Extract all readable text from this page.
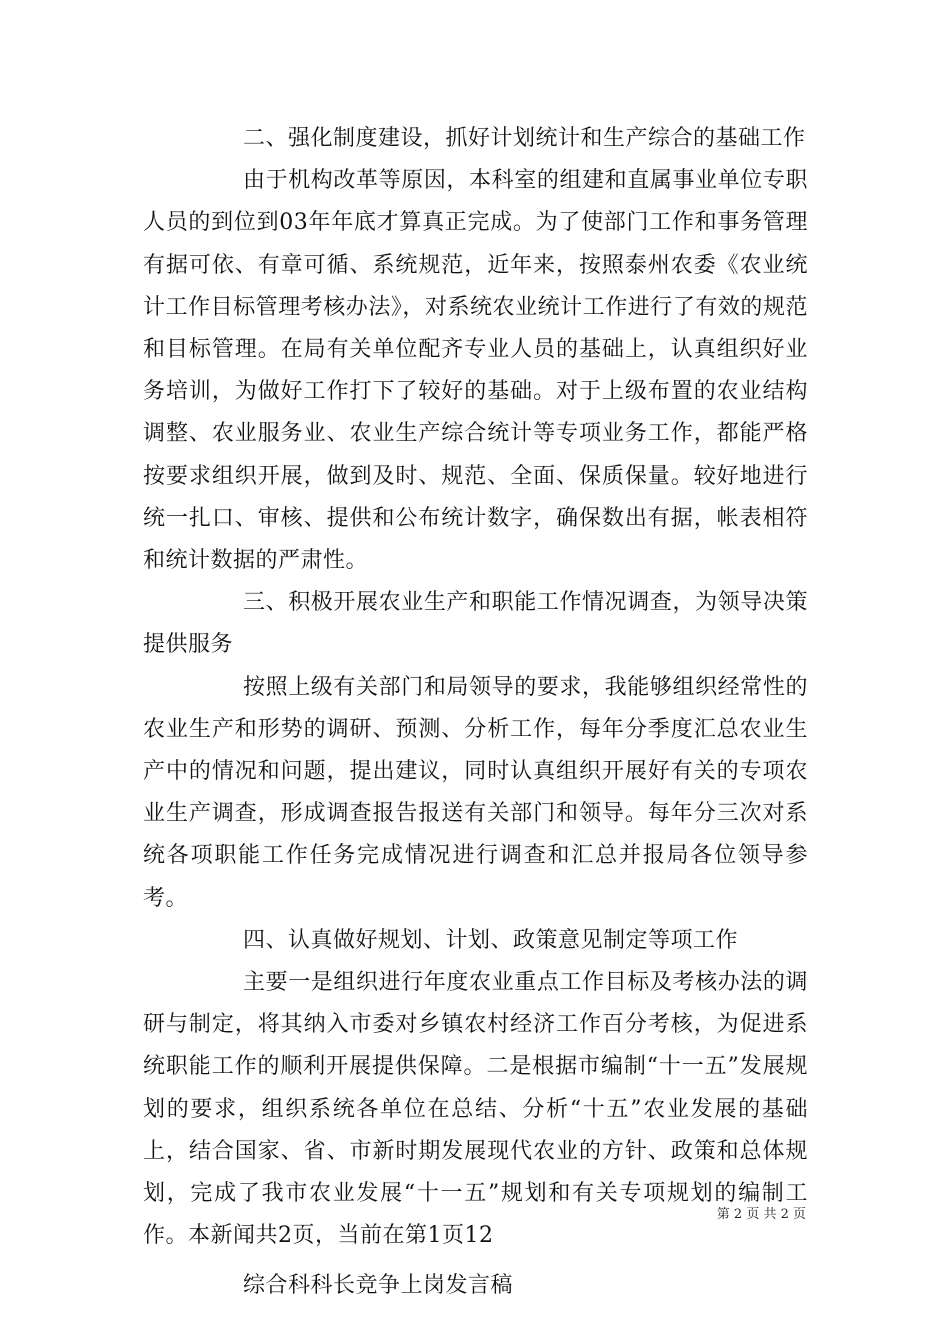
二、强化制度建设，抓好计划统计和生产综合的基础工作

由于机构改革等原因，本科室的组建和直属事业单位专职人员的到位到03年年底才算真正完成。为了使部门工作和事务管理有据可依、有章可循、系统规范，近年来，按照泰州农委《农业统计工作目标管理考核办法》，对系统农业统计工作进行了有效的规范和目标管理。在局有关单位配齐专业人员的基础上，认真组织好业务培训，为做好工作打下了较好的基础。对于上级布置的农业结构调整、农业服务业、农业生产综合统计等专项业务工作，都能严格按要求组织开展，做到及时、规范、全面、保质保量。较好地进行统一扎口、审核、提供和公布统计数字，确保数出有据，帐表相符和统计数据的严肃性。

三、积极开展农业生产和职能工作情况调查，为领导决策提供服务

按照上级有关部门和局领导的要求，我能够组织经常性的农业生产和形势的调研、预测、分析工作，每年分季度汇总农业生产中的情况和问题，提出建议，同时认真组织开展好有关的专项农业生产调查，形成调查报告报送有关部门和领导。每年分三次对系统各项职能工作任务完成情况进行调查和汇总并报局各位领导参考。

四、认真做好规划、计划、政策意见制定等项工作

主要一是组织进行年度农业重点工作目标及考核办法的调研与制定，将其纳入市委对乡镇农村经济工作百分考核，为促进系统职能工作的顺利开展提供保障。二是根据市编制“十一五”发展规划的要求，组织系统各单位在总结、分析“十五”农业发展的基础上，结合国家、省、市新时期发展现代农业的方针、政策和总体规划，完成了我市农业发展“十一五”规划和有关专项规划的编制工作。本新闻共2页，当前在第1页12

综合科科长竞争上岗发言稿

第 2 页 共 2 页
